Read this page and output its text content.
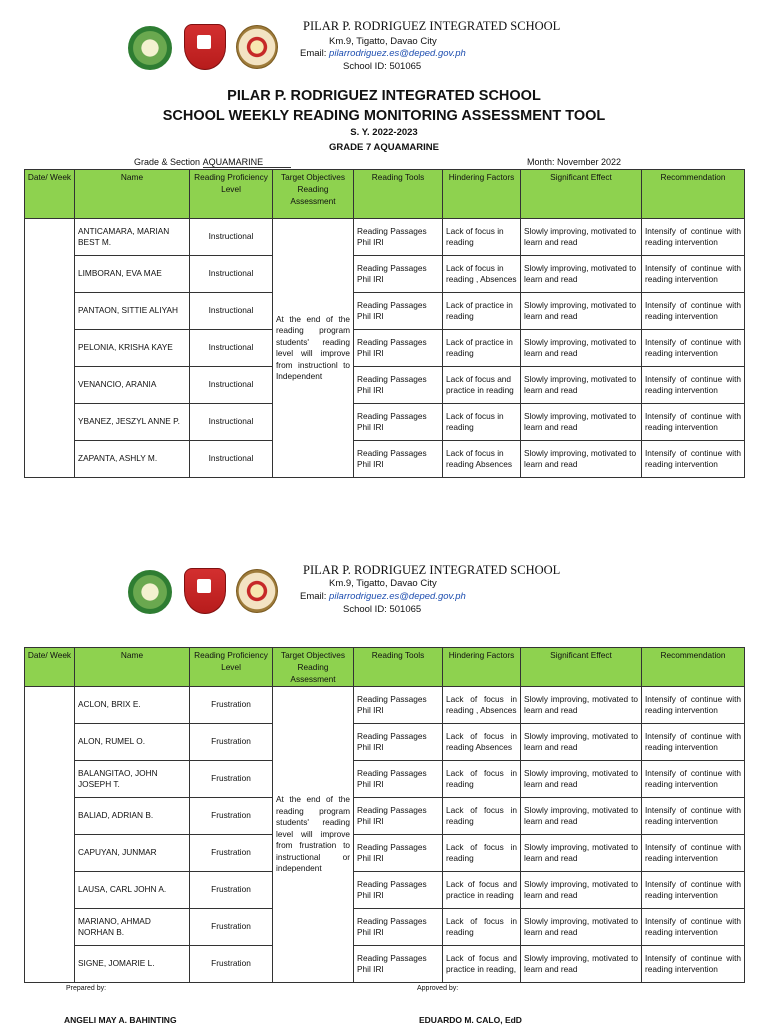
PILAR P. RODRIGUEZ INTEGRATED SCHOOL
Km.9, Tigatto, Davao City
Email: pilarrodriguez.es@deped.gov.ph
School ID: 501065
PILAR P. RODRIGUEZ INTEGRATED SCHOOL
SCHOOL WEEKLY READING MONITORING ASSESSMENT TOOL
S. Y. 2022-2023
GRADE 7 AQUAMARINE
Grade & Section AQUAMARINE	Month: November 2022
Date/ Week	Name	Reading Proficiency Level	Target Objectives Reading Assessment	Reading Tools	Hindering Factors	Significant Effect	Recommendation
	ANTICAMARA, MARIAN BEST M.	Instructional	At the end of the reading program students' reading level will improve from instructionl to Independent	Reading Passages Phil IRI	Lack of focus in reading	Slowly improving, motivated to learn and read	Intensify of continue with reading intervention
	LIMBORAN, EVA MAE	Instructional		Reading Passages Phil IRI	Lack of focus in reading , Absences	Slowly improving, motivated to learn and read	Intensify of continue with reading intervention
	PANTAON, SITTIE ALIYAH	Instructional		Reading Passages Phil IRI	Lack of practice in reading	Slowly improving, motivated to learn and read	Intensify of continue with reading intervention
	PELONIA, KRISHA KAYE	Instructional		Reading Passages Phil IRI	Lack of practice in reading	Slowly improving, motivated to learn and read	Intensify of continue with reading intervention
	VENANCIO, ARANIA	Instructional		Reading Passages Phil IRI	Lack of focus and practice in reading	Slowly improving, motivated to learn and read	Intensify of continue with reading intervention
	YBANEZ, JESZYL ANNE P.	Instructional		Reading Passages Phil IRI	Lack of focus in reading	Slowly improving, motivated to learn and read	Intensify of continue with reading intervention
	ZAPANTA, ASHLY M.	Instructional		Reading Passages Phil IRI	Lack of focus in reading Absences	Slowly improving, motivated to learn and read	Intensify of continue with reading intervention
PILAR P. RODRIGUEZ INTEGRATED SCHOOL
Km.9, Tigatto, Davao City
Email: pilarrodriguez.es@deped.gov.ph
School ID: 501065
Date/ Week	Name	Reading Proficiency Level	Target Objectives Reading Assessment	Reading Tools	Hindering Factors	Significant Effect	Recommendation
	ACLON, BRIX E.	Frustration	At the end of the reading program students' reading level will improve from frustration to instructional or independent	Reading Passages Phil IRI	Lack of focus in reading , Absences	Slowly improving, motivated to learn and read	Intensify of continue with reading intervention
	ALON, RUMEL O.	Frustration		Reading Passages Phil IRI	Lack of focus in reading Absences	Slowly improving, motivated to learn and read	Intensify of continue with reading intervention
	BALANGITAO, JOHN JOSEPH T.	Frustration		Reading Passages Phil IRI	Lack of focus in reading	Slowly improving, motivated to learn and read	Intensify of continue with reading intervention
	BALIAD, ADRIAN B.	Frustration		Reading Passages Phil IRI	Lack of focus in reading	Slowly improving, motivated to learn and read	Intensify of continue with reading intervention
	CAPUYAN, JUNMAR	Frustration		Reading Passages Phil IRI	Lack of focus in reading	Slowly improving, motivated to learn and read	Intensify of continue with reading intervention
	LAUSA, CARL JOHN A.	Frustration		Reading Passages Phil IRI	Lack of focus and practice in reading	Slowly improving, motivated to learn and read	Intensify of continue with reading intervention
	MARIANO, AHMAD NORHAN B.	Frustration		Reading Passages Phil IRI	Lack of focus in reading	Slowly improving, motivated to learn and read	Intensify of continue with reading intervention
	SIGNE, JOMARIE L.	Frustration		Reading Passages Phil IRI	Lack of focus and practice in reading,	Slowly improving, motivated to learn and read	Intensify of continue with reading intervention
Prepared by:	Approved by:
ANGELI MAY A. BAHINTING	EDUARDO M. CALO, EdD
